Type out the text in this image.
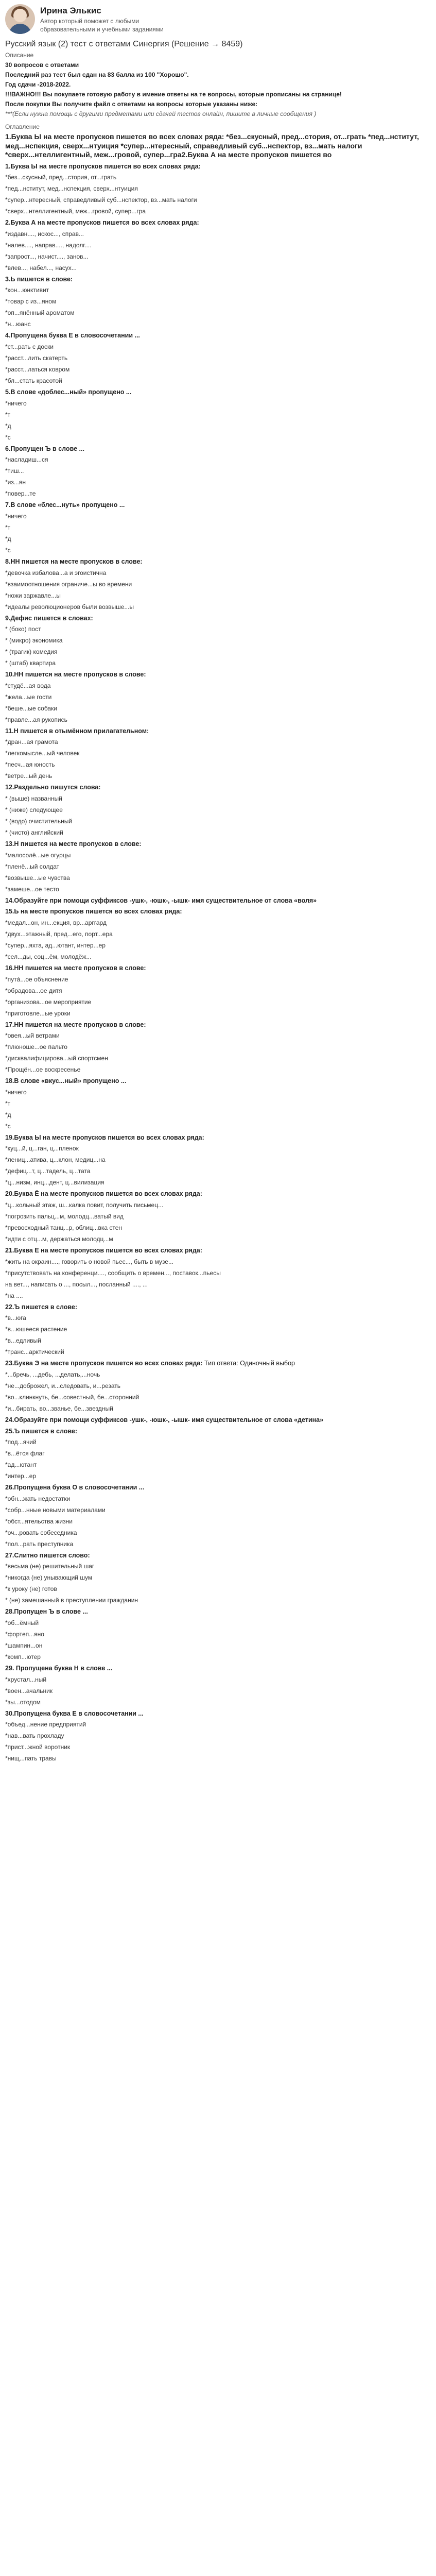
Ирина Элькис
Автор который поможет с любыми образовательными и учебными заданиями
Русский язык (2) тест с ответами Синергия (Решение → 8459)
Описание
30 вопросов с ответами
Последний раз тест был сдан на 83 балла из 100 "Хорошо".
Год сдачи -2018-2022.
!!!ВАЖНО!!! Вы покупаете готовую работу в имение ответы на те вопросы, которые прописаны на странице!
После покупки Вы получите файл с ответами на вопросы которые указаны ниже:
***(Если нужна помощь с другими предметами или сдачей тестов онлайн, пишите в личные сообщения )
Оглавление
1.Буква Ы на месте пропусков пишется во всех словах ряда: *без...скусный, пред...стория, от...грать *пед...нститут, мед...нспекция, сверх...нтуиция *супер...нтересный, справедливый суб...нспектор, вз...мать налоги *сверх...нтеллигентный, меж...гровой, супер...гра2.Буква А на месте пропусков пишется во
1.Буква Ы на месте пропусков пишется во всех словах ряда:
*без...скусный, пред...стория, от...грать
*пед...нститут, мед...нспекция, сверх...нтуиция
*супер...нтересный, справедливый суб...нспектор, вз...мать налоги
*сверх...нтеллигентный, меж...гровой, супер...гра
2.Буква А на месте пропусков пишется во всех словах ряда:
*издавн...., искос..., справ...
*налев...., направ...., надолг....
*запрост..., начист...., занов...
*влев..., набел..., насух...
3.Ь пишется в слове:
*кон...юнктивит
*товар с из...яном
*оп...янённый ароматом
*н...юанс
4.Пропущена буква Е в словосочетании ...
*ст...рать с доски
*расст...лить скатерть
*расст...латься ковром
*бл...стать красотой
5.В слове «доблес...ный» пропущено ...
*ничего
*т
*д
*с
6.Пропущен Ъ в слове ...
*насладиш...ся
*тиш...
*из...ян
*повер...те
7.В слове «блес...нуть» пропущено ...
*ничего
*т
*д
*с
8.НН пишется на месте пропусков в слове:
*девочка избалова...а и эгоистична
*взаимоотношения ограниче...ы во времени
*ножи заржавле...ы
*идеалы революционеров были возвыше...ы
9.Дефис пишется в словах:
* (боко) пост
* (микро) экономика
* (трагик) комедия
* (штаб) квартира
10.НН пишется на месте пропусков в слове:
*студё...ая вода
*жела...ые гости
*беше...ые собаки
*правле...ая рукопись
11.Н пишется в отымённом прилагательном:
*дран...ая грамота
*легкомысле...ый человек
*песч...ая юность
*ветре...ый день
12.Раздельно пишутся слова:
* (выше) названный
* (ниже) следующее
* (водо) очистительный
* (чисто) английский
13.Н пишется на месте пропусков в слове:
*малосолё...ые огурцы
*пленё...ый солдат
*возвыше...ые чувства
*замеше...ое тесто
14.Образуйте при помощи суффиксов -ушк-, -юшк-, -ышк- имя существительное от слова «воля»
15.Ь на месте пропусков пишется во всех словах ряда:
*медал...он, ин...екция, вр...арггард
*двух...этажный, пред...его, порт...ера
*супер...яхта, ад...ютант, интер...ер
*сел...ды, соц...ём, молодёж...
16.НН пишется на месте пропусков в слове:
*путá...ое объяснение
*обрадова...ое дитя
*организова...ое мероприятие
*приготовле...ые уроки
17.НН пишется на месте пропусков в слове:
*овея...ый ветрами
*плюноше...ое пальто
*дисквалифицирова...ый спортсмен
*Прощён...ое воскресенье
18.В слове «вкус...ный» пропущено ...
*ничего
*т
*д
*с
19.Буква Ы на месте пропусков пишется во всех словах ряда:
*куц...й, ц...ган, ц...пленок
*лениц...атива, ц...клон, медиц...на
*дефиц...т, ц...тадель, ц...тата
*ц...низм, инц...дент, ц...вилизация
20.Буква Ё на месте пропусков пишется во всех словах ряда:
*ц...кольный этаж, ш...калка повит, получить письмец...
*погрозить пальц...м, молодц...ватый вид
*превосходный танц...р, облиц...вка стен
*идти с отц...м, держаться молодц...м
21.Буква Е на месте пропусков пишется во всех словах ряда:
*жить на окраин...., говорить о новой пьес..., быть в музе...
*присутствовать на конференци...., сообщить о времен..., поставок...пьесы
на вет..., написать о ..., посыл..., посланный ...., ...
*на ....
22.Ъ пишется в слове:
*в...юга
*в...юшееся растение
*в...едливый
*транс...арктический
23.Буква Э на месте пропусков пишется во всех словах ряда: Тип ответа: Одиночный выбор
*...бречь, ...дебь, ...делать,...ночь
*не...доброжел, и...следовать, и...резать
*во...клинкнуть, бе...совестный, бе...сторонний
*и...бирать, во...званье, бе...звездный
24.Образуйте при помощи суффиксов -ушк-, -юшк-, -ышк- имя существительное от слова «детина»
25.Ъ пишется в слове:
*под...ячий
*в...ётся флаг
*ад...ютант
*интер...ер
26.Пропущена буква О в словосочетании ...
*обн...жать недостатки
*собр...нные новыми материалами
*обст...ятельства жизни
*оч...ровать собеседника
*пол...рать преступника
27.Слитно пишется слово:
*весьма (не) решительный шаг
*никогда (не) унывающий шум
*к уроку (не) готов
* (не) замешанный в преступлении гражданин
28.Пропущен Ъ в слове ...
*об...ёмный
*фортеп...яно
*шампин...он
*комп...ютер
29. Пропущена буква Н в слове ...
*хрустал...ный
*воен...ачальник
*зы...отодом
30.Пропущена буква Е в словосочетании ...
*объед...нение предприятий
*нав...вать прохладу
*прист...жной воротник
*нищ...пать травы
